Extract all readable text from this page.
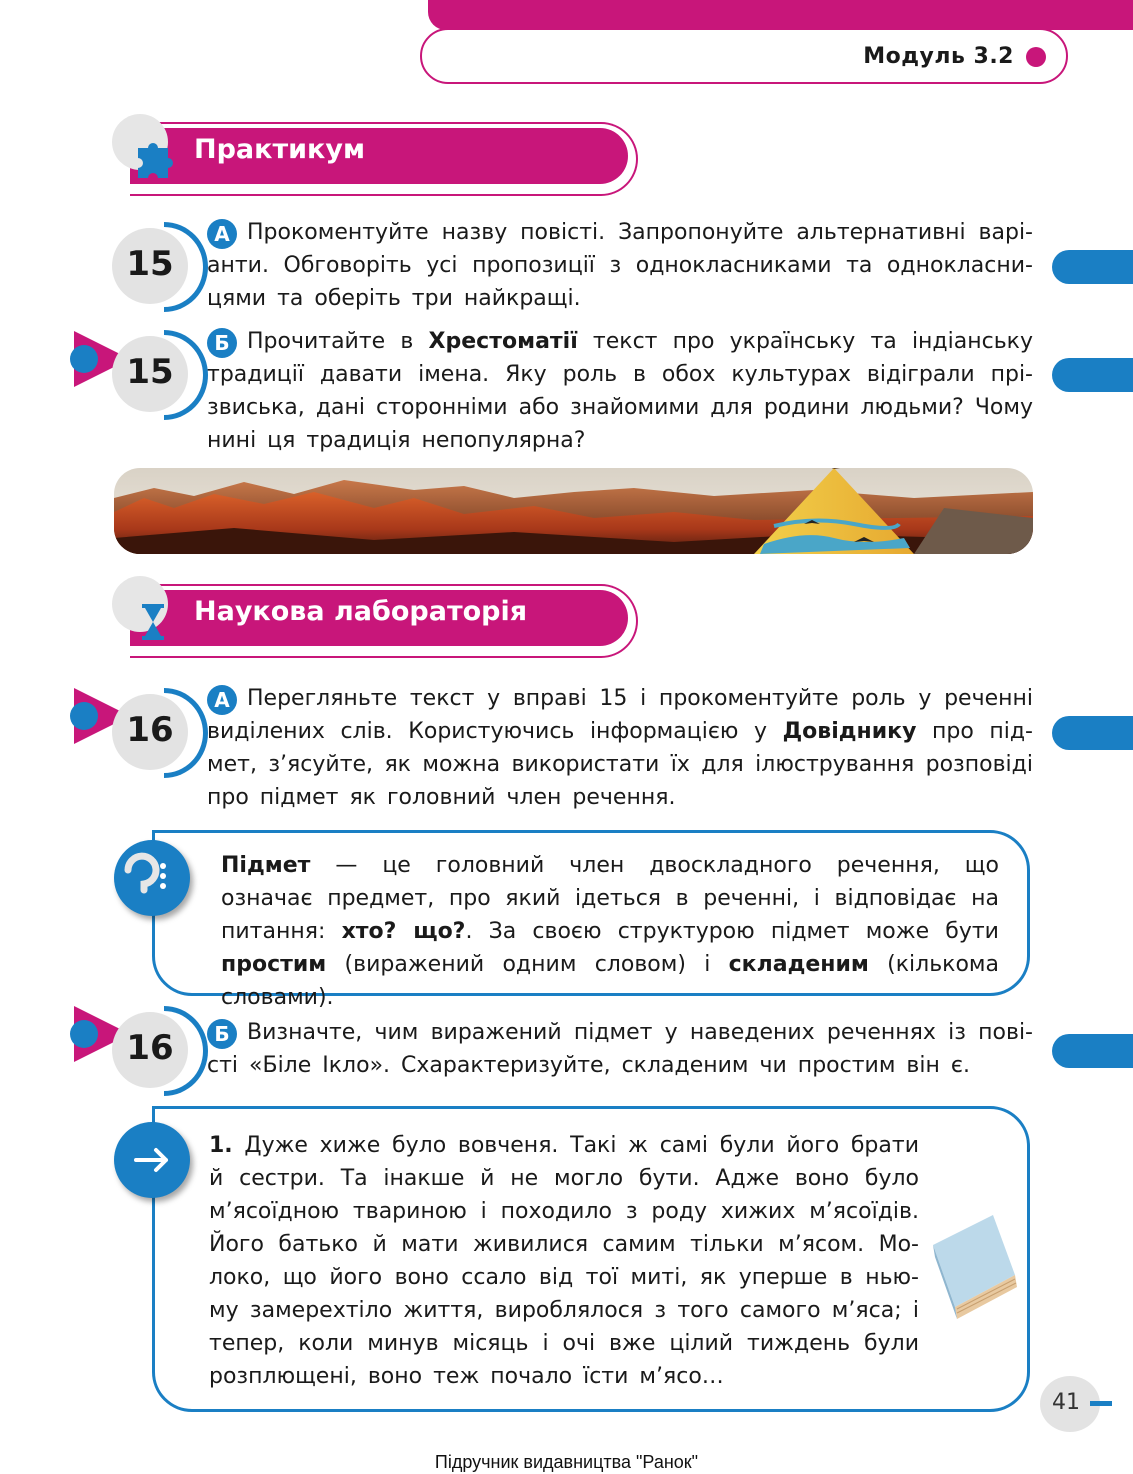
Модуль 3.2
Практикум
15
А Прокоментуйте назву повісті. Запропонуйте альтернативні варі- анти. Обговоріть усі пропозиції з однокласниками та однокласни- цями та оберіть три найкращі.
15
Б Прочитайте в Хрестоматії текст про українську та індіанську традиції давати імена. Яку роль в обох культурах відіграли прі- звиська, дані сторонніми або знайомими для родини людьми? Чому нині ця традиція непопулярна?
Наукова лабораторія
16
А Перегляньте текст у вправі 15 і прокоментуйте роль у реченні виділених слів. Користуючись інформацією у Довіднику про під- мет, з’ясуйте, як можна використати їх для ілюстрування розповіді про підмет як головний член речення.
Підмет — це головний член двоскладного речення, що означає предмет, про який ідеться в реченні, і відповідає на питання: хто? що?. За своєю структурою підмет може бути простим (виражений одним словом) і складеним (кількома словами).
16	Б Визначте, чим виражений підмет у наведених реченнях із пові- сті «Біле Ікло». Схарактеризуйте, складеним чи простим він є.
1. Дуже хиже було вовченя. Такі ж самі були його брати й сестри. Та інакше й не могло бути. Адже воно було м’ясоїдною твариною і походило з роду хижих м’ясоїдів. Його батько й мати живилися самим тільки м’ясом. Мо- локо, що його воно ссало від тої миті, як уперше в нью- му замерехтіло життя, вироблялося з того самого м’яса; і тепер, коли минув місяць і очі вже цілий тиждень були розплющені, воно теж почало їсти м’ясо…
41
Підручник видавництва "Ранок"
